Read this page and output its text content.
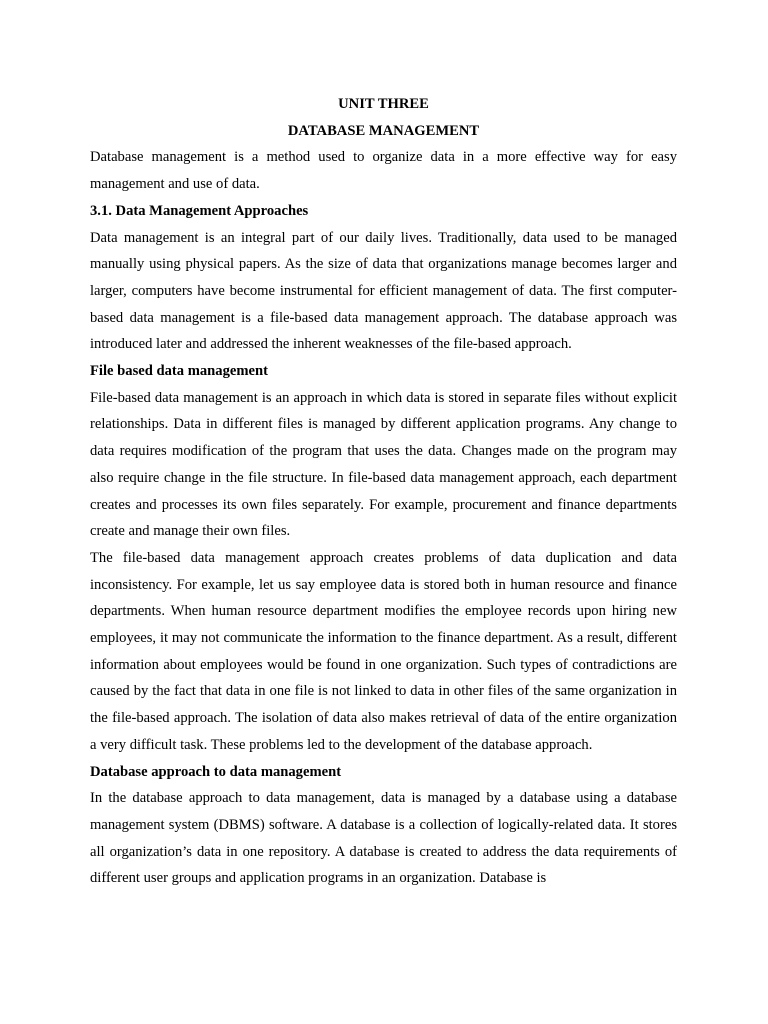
UNIT THREE
DATABASE MANAGEMENT

Database management is a method used to organize data in a more effective way for easy management and use of data.

3.1. Data Management Approaches

Data management is an integral part of our daily lives. Traditionally, data used to be managed manually using physical papers. As the size of data that organizations manage becomes larger and larger, computers have become instrumental for efficient management of data. The first computer-based data management is a file-based data management approach. The database approach was introduced later and addressed the inherent weaknesses of the file-based approach.

File based data management

File-based data management is an approach in which data is stored in separate files without explicit relationships. Data in different files is managed by different application programs. Any change to data requires modification of the program that uses the data. Changes made on the program may also require change in the file structure. In file-based data management approach, each department creates and processes its own files separately. For example, procurement and finance departments create and manage their own files.

The file-based data management approach creates problems of data duplication and data inconsistency. For example, let us say employee data is stored both in human resource and finance departments. When human resource department modifies the employee records upon hiring new employees, it may not communicate the information to the finance department. As a result, different information about employees would be found in one organization. Such types of contradictions are caused by the fact that data in one file is not linked to data in other files of the same organization in the file-based approach. The isolation of data also makes retrieval of data of the entire organization a very difficult task. These problems led to the development of the database approach.

Database approach to data management

In the database approach to data management, data is managed by a database using a database management system (DBMS) software. A database is a collection of logically-related data. It stores all organization’s data in one repository. A database is created to address the data requirements of different user groups and application programs in an organization. Database is
